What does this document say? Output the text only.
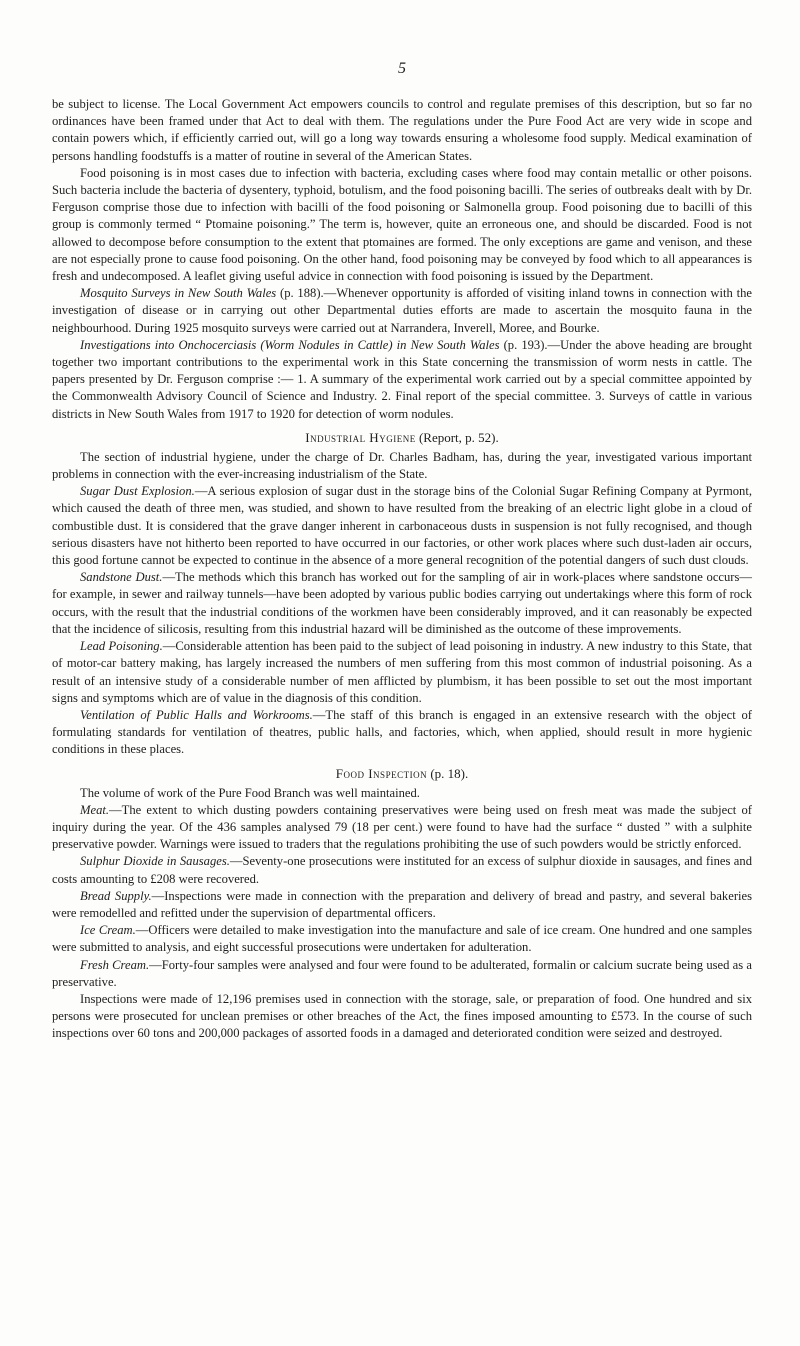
5

be subject to license. The Local Government Act empowers councils to control and regulate premises of this description, but so far no ordinances have been framed under that Act to deal with them. The regulations under the Pure Food Act are very wide in scope and contain powers which, if efficiently carried out, will go a long way towards ensuring a wholesome food supply. Medical examination of persons handling foodstuffs is a matter of routine in several of the American States.

Food poisoning is in most cases due to infection with bacteria, excluding cases where food may contain metallic or other poisons. Such bacteria include the bacteria of dysentery, typhoid, botulism, and the food poisoning bacilli. The series of outbreaks dealt with by Dr. Ferguson comprise those due to infection with bacilli of the food poisoning or Salmonella group. Food poisoning due to bacilli of this group is commonly termed “ Ptomaine poisoning.” The term is, however, quite an erroneous one, and should be discarded. Food is not allowed to decompose before consumption to the extent that ptomaines are formed. The only exceptions are game and venison, and these are not especially prone to cause food poisoning. On the other hand, food poisoning may be conveyed by food which to all appearances is fresh and undecomposed. A leaflet giving useful advice in connection with food poisoning is issued by the Department.

Mosquito Surveys in New South Wales (p. 188).—Whenever opportunity is afforded of visiting inland towns in connection with the investigation of disease or in carrying out other Departmental duties efforts are made to ascertain the mosquito fauna in the neighbourhood. During 1925 mosquito surveys were carried out at Narrandera, Inverell, Moree, and Bourke.

Investigations into Onchocerciasis (Worm Nodules in Cattle) in New South Wales (p. 193).—Under the above heading are brought together two important contributions to the experimental work in this State concerning the transmission of worm nests in cattle. The papers presented by Dr. Ferguson comprise :— 1. A summary of the experimental work carried out by a special committee appointed by the Commonwealth Advisory Council of Science and Industry. 2. Final report of the special committee. 3. Surveys of cattle in various districts in New South Wales from 1917 to 1920 for detection of worm nodules.

Industrial Hygiene (Report, p. 52).

The section of industrial hygiene, under the charge of Dr. Charles Badham, has, during the year, investigated various important problems in connection with the ever-increasing industrialism of the State.

Sugar Dust Explosion.—A serious explosion of sugar dust in the storage bins of the Colonial Sugar Refining Company at Pyrmont, which caused the death of three men, was studied, and shown to have resulted from the breaking of an electric light globe in a cloud of combustible dust. It is considered that the grave danger inherent in carbonaceous dusts in suspension is not fully recognised, and though serious disasters have not hitherto been reported to have occurred in our factories, or other work places where such dust-laden air occurs, this good fortune cannot be expected to continue in the absence of a more general recognition of the potential dangers of such dust clouds.

Sandstone Dust.—The methods which this branch has worked out for the sampling of air in work-places where sandstone occurs—for example, in sewer and railway tunnels—have been adopted by various public bodies carrying out undertakings where this form of rock occurs, with the result that the industrial conditions of the workmen have been considerably improved, and it can reasonably be expected that the incidence of silicosis, resulting from this industrial hazard will be diminished as the outcome of these improvements.

Lead Poisoning.—Considerable attention has been paid to the subject of lead poisoning in industry. A new industry to this State, that of motor-car battery making, has largely increased the numbers of men suffering from this most common of industrial poisoning. As a result of an intensive study of a considerable number of men afflicted by plumbism, it has been possible to set out the most important signs and symptoms which are of value in the diagnosis of this condition.

Ventilation of Public Halls and Workrooms.—The staff of this branch is engaged in an extensive research with the object of formulating standards for ventilation of theatres, public halls, and factories, which, when applied, should result in more hygienic conditions in these places.

Food Inspection (p. 18).

The volume of work of the Pure Food Branch was well maintained.

Meat.—The extent to which dusting powders containing preservatives were being used on fresh meat was made the subject of inquiry during the year. Of the 436 samples analysed 79 (18 per cent.) were found to have had the surface “ dusted ” with a sulphite preservative powder. Warnings were issued to traders that the regulations prohibiting the use of such powders would be strictly enforced.

Sulphur Dioxide in Sausages.—Seventy-one prosecutions were instituted for an excess of sulphur dioxide in sausages, and fines and costs amounting to £208 were recovered.

Bread Supply.—Inspections were made in connection with the preparation and delivery of bread and pastry, and several bakeries were remodelled and refitted under the supervision of departmental officers.

Ice Cream.—Officers were detailed to make investigation into the manufacture and sale of ice cream. One hundred and one samples were submitted to analysis, and eight successful prosecutions were undertaken for adulteration.

Fresh Cream.—Forty-four samples were analysed and four were found to be adulterated, formalin or calcium sucrate being used as a preservative.

Inspections were made of 12,196 premises used in connection with the storage, sale, or preparation of food. One hundred and six persons were prosecuted for unclean premises or other breaches of the Act, the fines imposed amounting to £573. In the course of such inspections over 60 tons and 200,000 packages of assorted foods in a damaged and deteriorated condition were seized and destroyed.
